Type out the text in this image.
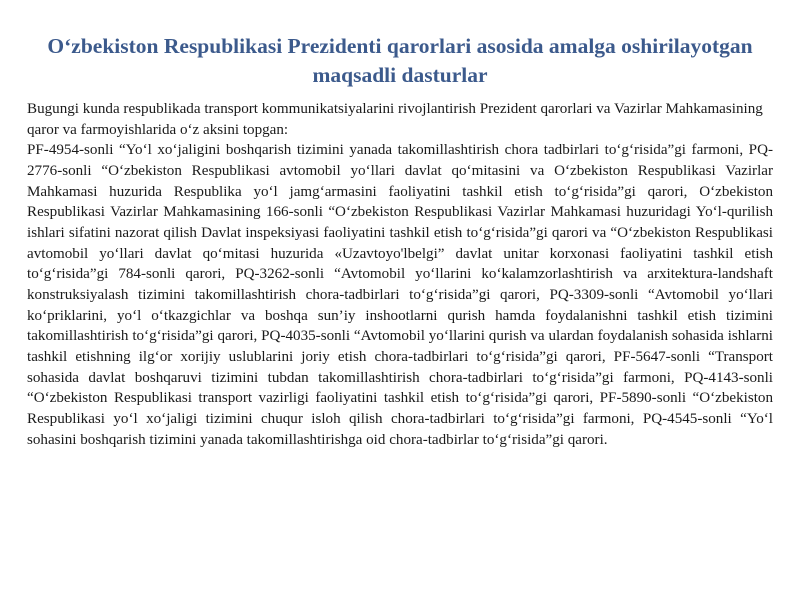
O‘zbekiston Respublikasi Prezidenti qarorlari asosida amalga oshirilayotgan maqsadli dasturlar

Bugungi kunda respublikada transport kommunikatsiyalarini rivojlantirish Prezident qarorlari va Vazirlar Mahkamasining qaror va farmoyishlarida o‘z aksini topgan:

PF-4954-sonli “Yo‘l xo‘jaligini boshqarish tizimini yanada takomillashtirish chora tadbirlari to‘g‘risida”gi farmoni, PQ-2776-sonli “O‘zbekiston Respublikasi avtomobil yo‘llari davlat qo‘mitasini va O‘zbekiston Respublikasi Vazirlar Mahkamasi huzurida Respublika yo‘l jamg‘armasini faoliyatini tashkil etish to‘g‘risida”gi qarori, O‘zbekiston Respublikasi Vazirlar Mahkamasining 166-sonli “O‘zbekiston Respublikasi Vazirlar Mahkamasi huzuridagi Yo‘l-qurilish ishlari sifatini nazorat qilish Davlat inspeksiyasi faoliyatini tashkil etish to‘g‘risida”gi qarori va “O‘zbekiston Respublikasi avtomobil yo‘llari davlat qo‘mitasi huzurida «Uzavtoyo'lbelgi” davlat unitar korxonasi faoliyatini tashkil etish to‘g‘risida”gi 784-sonli qarori, PQ-3262-sonli “Avtomobil yo‘llarini ko‘kalamzorlashtirish va arxitektura-landshaft konstruksiyalash tizimini takomillashtirish chora-tadbirlari to‘g‘risida”gi qarori, PQ-3309-sonli “Avtomobil yo‘llari ko‘priklarini, yo‘l o‘tkazgichlar va boshqa sun’iy inshootlarni qurish hamda foydalanishni tashkil etish tizimini takomillashtirish to‘g‘risida”gi qarori, PQ-4035-sonli “Avtomobil yo‘llarini qurish va ulardan foydalanish sohasida ishlarni tashkil etishning ilg‘or xorijiy uslublarini joriy etish chora-tadbirlari to‘g‘risida”gi qarori, PF-5647-sonli “Transport sohasida davlat boshqaruvi tizimini tubdan takomillashtirish chora-tadbirlari to‘g‘risida”gi farmoni, PQ-4143-sonli “O‘zbekiston Respublikasi transport vazirligi faoliyatini tashkil etish to‘g‘risida”gi qarori, PF-5890-sonli “O‘zbekiston Respublikasi yo‘l xo‘jaligi tizimini chuqur isloh qilish chora-tadbirlari to‘g‘risida”gi farmoni, PQ-4545-sonli “Yo‘l sohasini boshqarish tizimini yanada takomillashtirishga oid chora-tadbirlar to‘g‘risida”gi qarori.
